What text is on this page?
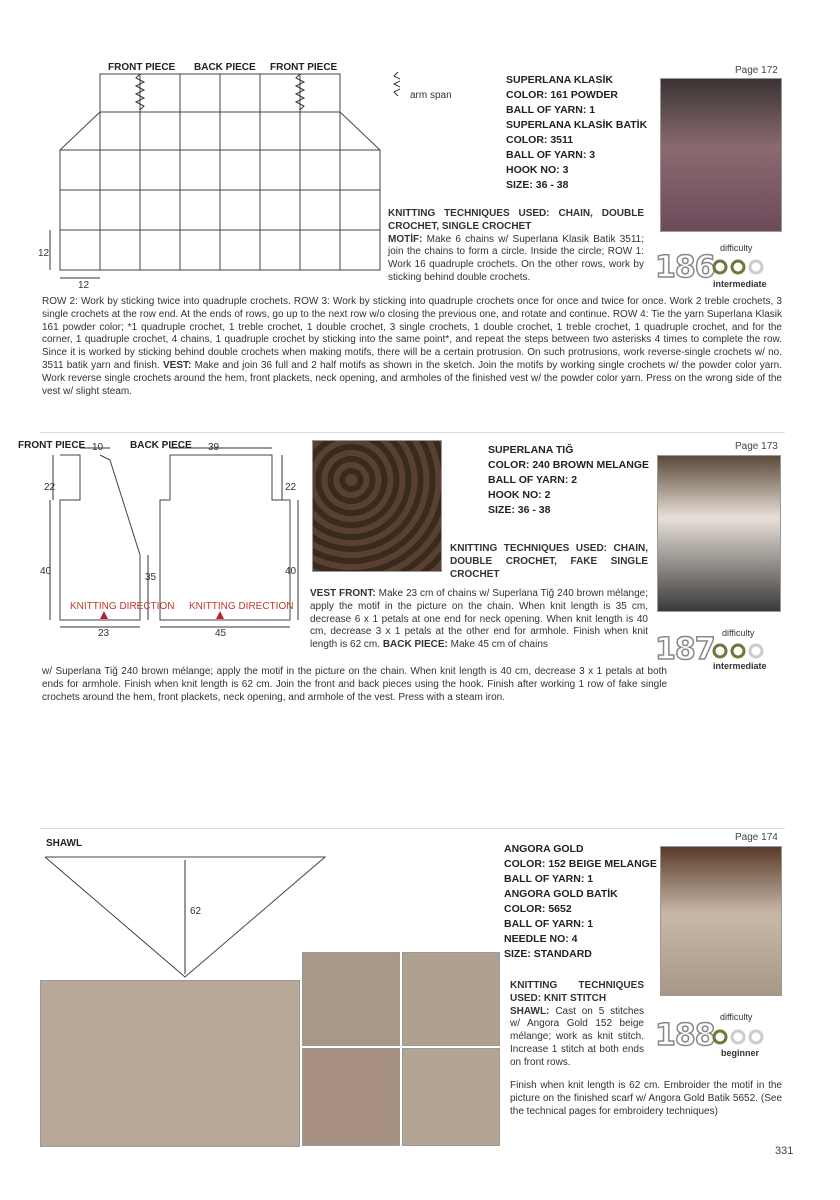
FRONT PIECE BACK PIECE FRONT PIECE
arm span
12
12
SUPERLANA KLASİK
COLOR: 161 POWDER
BALL OF YARN: 1
SUPERLANA KLASİK BATİK
COLOR: 3511
BALL OF YARN: 3
HOOK NO: 3
SIZE: 36 - 38
Page 172
difficulty
186
intermediate
KNITTING TECHNIQUES USED: CHAIN, DOUBLE CROCHET, SINGLE CROCHET
MOTİF: Make 6 chains w/ Superlana Klasik Batik 3511; join the chains to form a circle. Inside the circle; ROW 1: Work 16 quadruple crochets. On the other rows, work by sticking behind double crochets.
ROW 2: Work by sticking twice into quadruple crochets. ROW 3: Work by sticking into quadruple crochets once for once and twice for once. Work 2 treble crochets, 3 single crochets at the row end. At the ends of rows, go up to the next row w/o closing the previous one, and rotate and continue. ROW 4: Tie the yarn Superlana Klasik 161 powder color; *1 quadruple crochet, 1 treble crochet, 1 double crochet, 3 single crochets, 1 double crochet, 1 treble crochet, 1 quadruple crochet, and for the corner, 1 quadruple crochet, 4 chains, 1 quadruple crochet by sticking into the same point*, and repeat the steps between two asterisks 4 times to complete the row. Since it is worked by sticking behind double crochets when making motifs, there will be a certain protrusion. On such protrusions, work reverse-single crochets w/ no. 3511 batik yarn and finish. VEST: Make and join 36 full and 2 half motifs as shown in the sketch. Join the motifs by working single crochets w/ the powder color yarn. Work reverse single crochets around the hem, front plackets, neck opening, and armholes of the finished vest w/ the powder color yarn. Press on the wrong side of the vest w/ slight steam.
FRONT PIECE	BACK PIECE
10	39
22	22
40
35
40
23	45
KNITTING DIRECTION KNITTING DIRECTION
SUPERLANA TIĞ
COLOR: 240 BROWN MELANGE
BALL OF YARN: 2
HOOK NO: 2
SIZE: 36 - 38
Page 173
difficulty
187
intermediate
KNITTING TECHNIQUES USED: CHAIN, DOUBLE CROCHET, FAKE SINGLE CROCHET
VEST FRONT: Make 23 cm of chains w/ Superlana Tiğ 240 brown mélange; apply the motif in the picture on the chain. When knit length is 35 cm, decrease 6 x 1 petals at one end for neck opening. When knit length is 40 cm, decrease 3 x 1 petals at the other end for armhole. Finish when knit length is 62 cm. BACK PIECE: Make 45 cm of chains
w/ Superlana Tiğ 240 brown mélange; apply the motif in the picture on the chain. When knit length is 40 cm, decrease 3 x 1 petals at both ends for armhole. Finish when knit length is 62 cm. Join the front and back pieces using the hook. Finish after working 1 row of fake single crochets around the hem, front plackets, neck opening, and armhole of the vest. Press with a steam iron.
SHAWL
62
ANGORA GOLD
COLOR: 152 BEIGE MELANGE
BALL OF YARN: 1
ANGORA GOLD BATİK
COLOR: 5652
BALL OF YARN: 1
NEEDLE NO: 4
SIZE: STANDARD
Page 174
difficulty
188 beginner
KNITTING TECHNIQUES USED: KNIT STITCH
SHAWL: Cast on 5 stitches w/ Angora Gold 152 beige mélange; work as knit stitch. Increase 1 stitch at both ends on front rows.
Finish when knit length is 62 cm. Embroider the motif in the picture on the finished scarf w/ Angora Gold Batik 5652. (See the technical pages for embroidery techniques)
331
